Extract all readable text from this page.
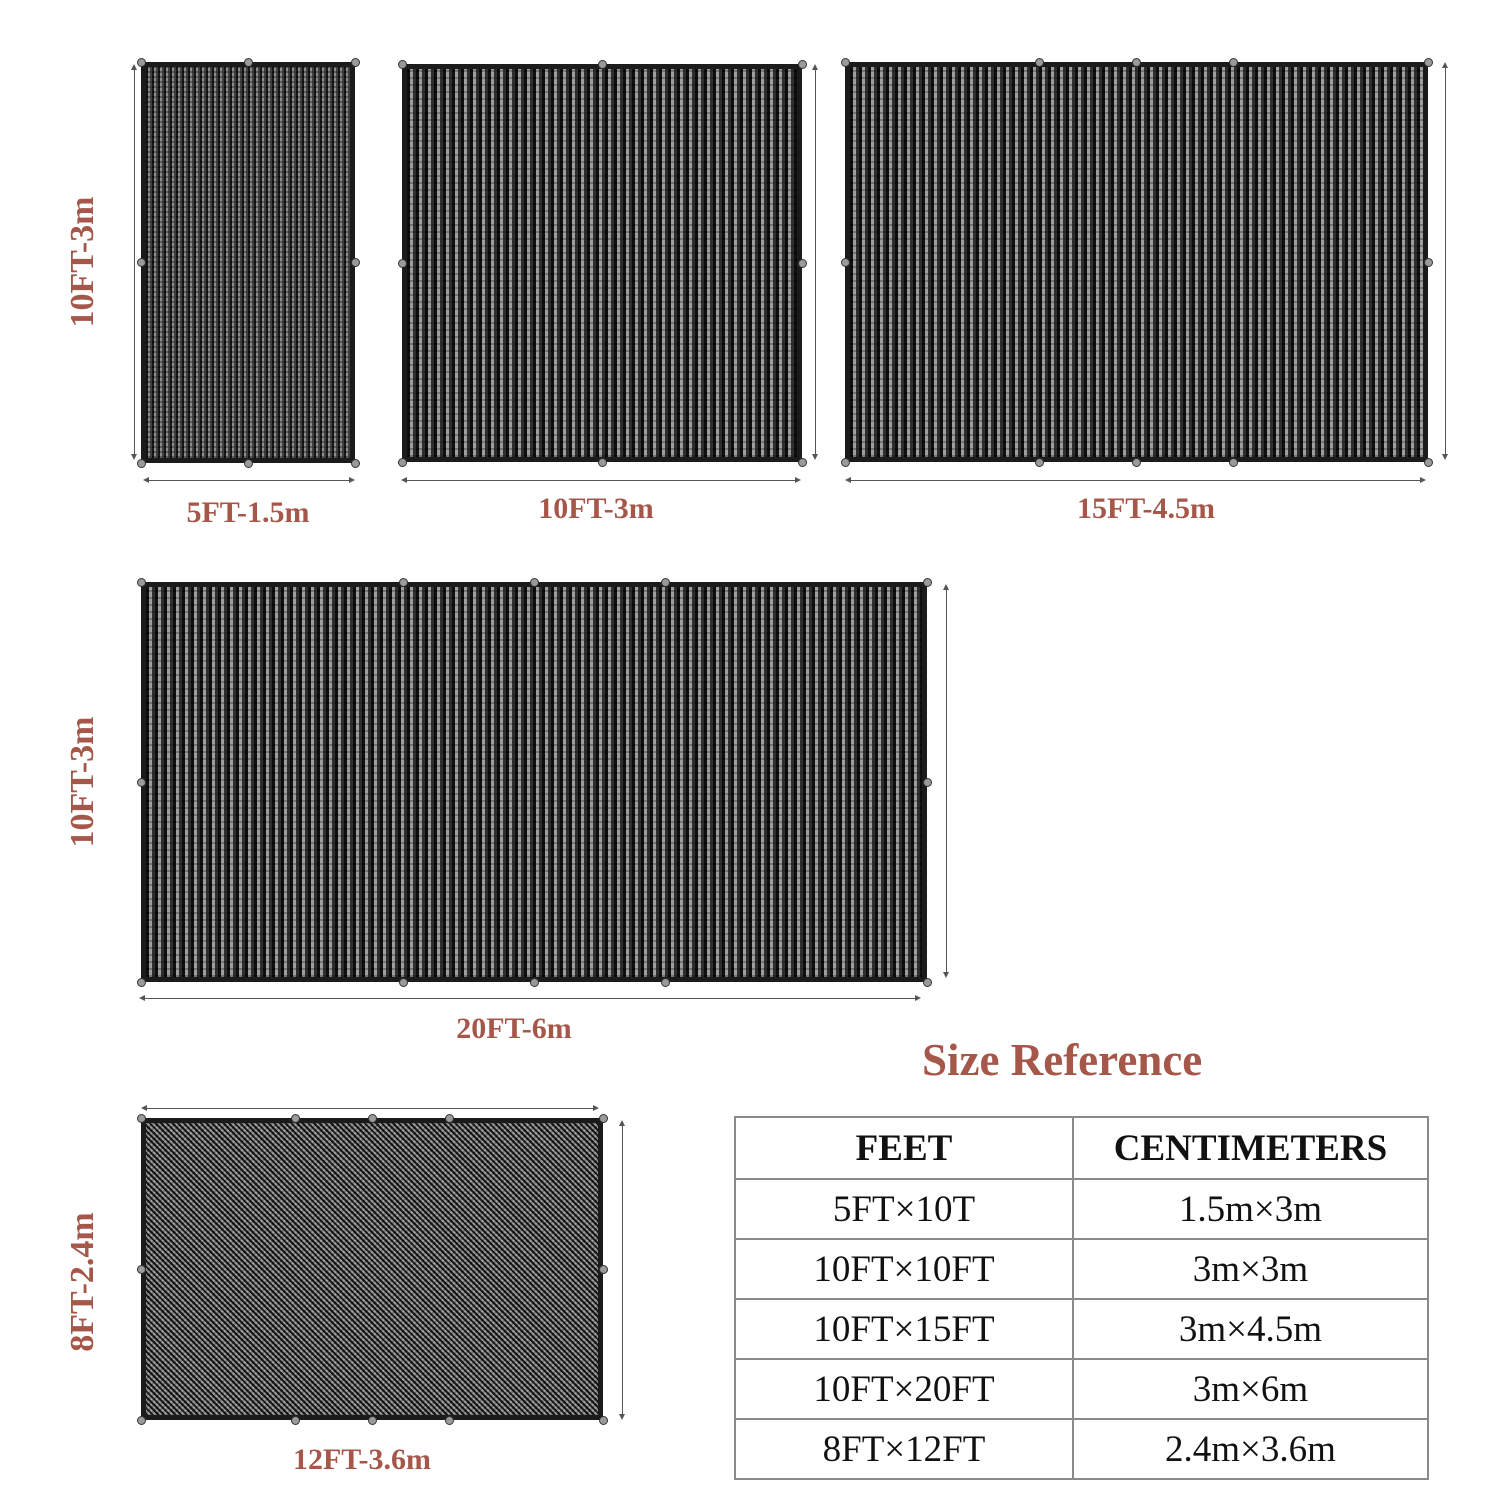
5FT-1.5m
10FT-3m
10FT-3m	15FT-4.5m
20FT-6m
10FT-3m
12FT-3.6m
8FT-2.4m
Size Reference
FEET	CENTIMETERS
5FT×10T	1.5m×3m
10FT×10FT	3m×3m
10FT×15FT	3m×4.5m
10FT×20FT	3m×6m
8FT×12FT	2.4m×3.6m
